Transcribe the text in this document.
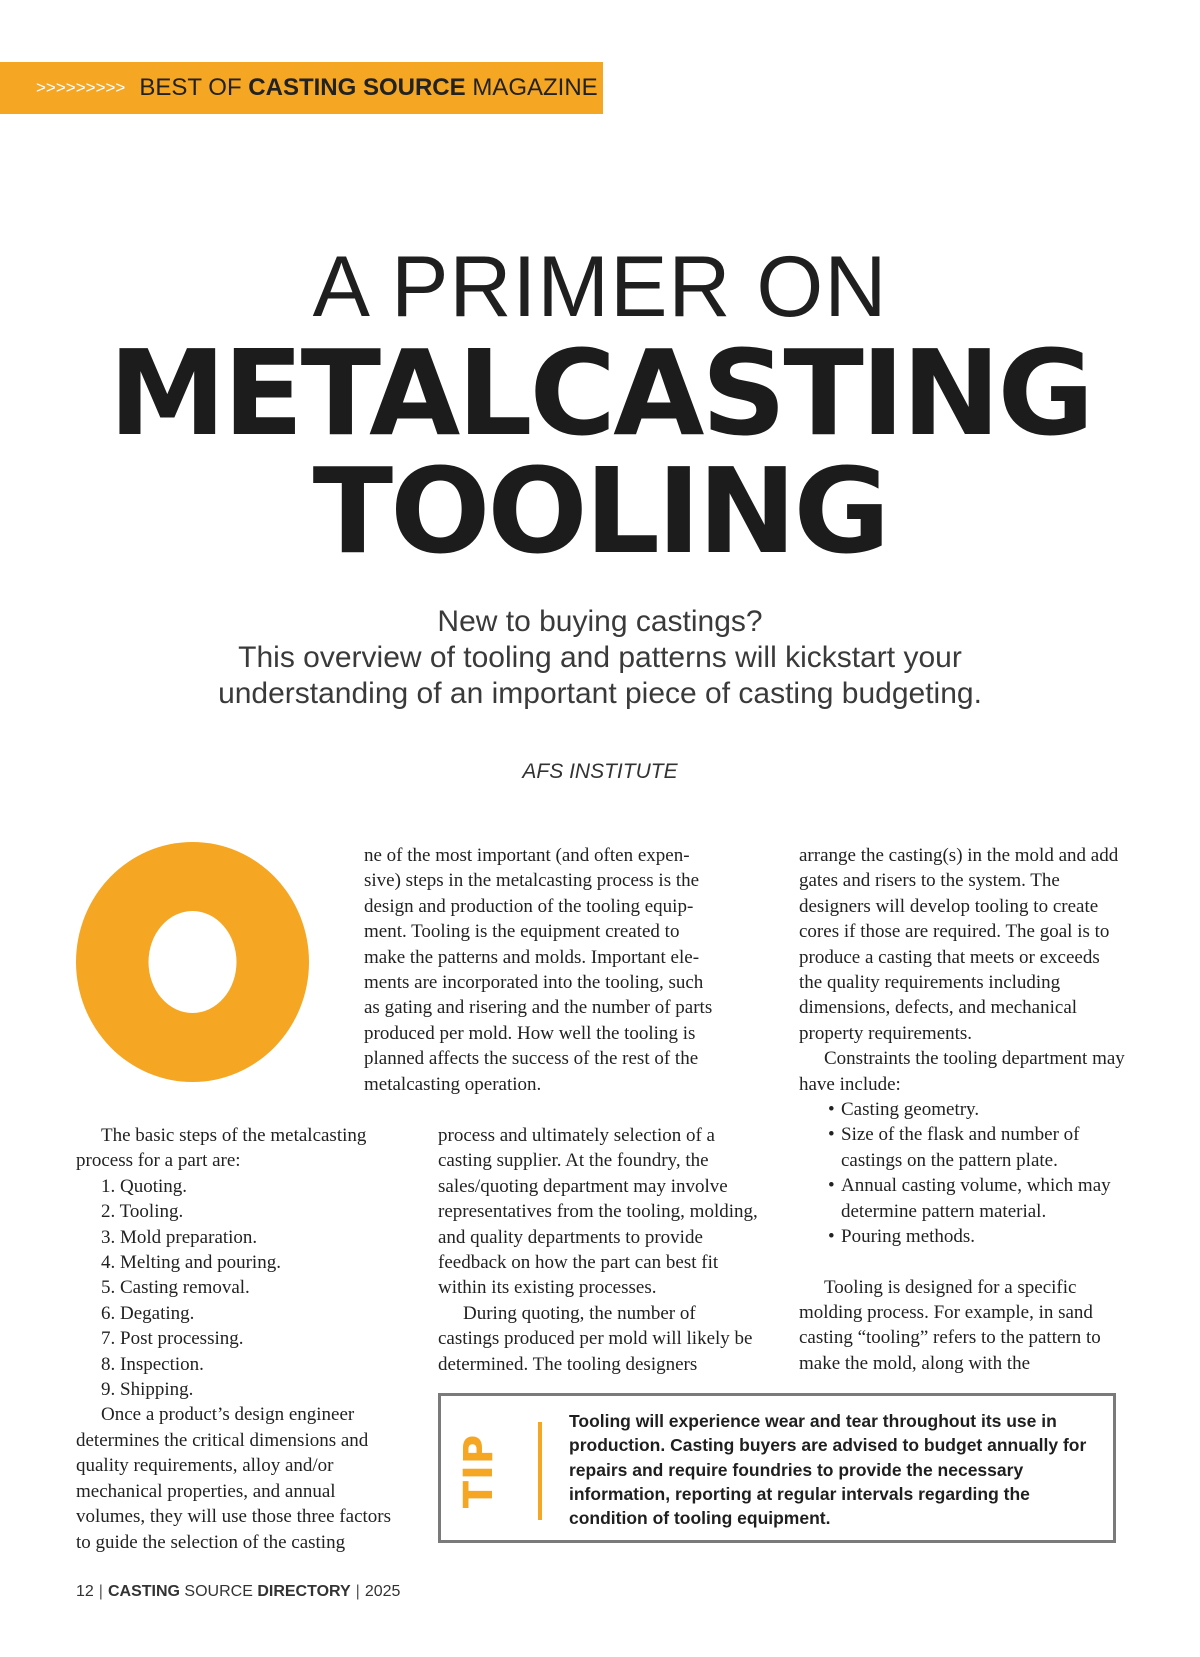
>>>>>>>>> BEST OF
CASTING SOURCE
MAGAZINE
A PRIMER ON
METALCASTING
TOOLING
New to buying castings?
This overview of tooling and patterns will kickstart your
understanding of an important piece of casting budgeting.
AFS INSTITUTE
ne of the most important (and often expen-
sive) steps in the metalcasting process is the
design and production of the tooling equip-
ment. Tooling is the equipment created to
make the patterns and molds. Important ele-
ments are incorporated into the tooling, such
as gating and risering and the number of parts
produced per mold. How well the tooling is
planned affects the success of the rest of the
metalcasting operation.

The basic steps of the metalcasting process for a part are:

1. Quoting.
2. Tooling.
3. Mold preparation.
4. Melting and pouring.
5. Casting removal.
6. Degating.
7. Post processing.
8. Inspection.
9. Shipping.

Once a product’s design engineer determines the critical dimensions and quality requirements, alloy and/or mechanical properties, and annual volumes, they will use those three factors to guide the selection of the casting

process and ultimately selection of a casting supplier. At the foundry, the sales/quoting department may involve representatives from the tooling, molding, and quality departments to provide feedback on how the part can best fit within its existing processes.

During quoting, the number of castings produced per mold will likely be determined. The tooling designers

arrange the casting(s) in the mold and add gates and risers to the system. The designers will develop tooling to create cores if those are required. The goal is to produce a casting that meets or exceeds the quality requirements including dimensions, defects, and mechanical property requirements.

Constraints the tooling department may have include:

• Casting geometry.
• Size of the flask and number of castings on the pattern plate.
• Annual casting volume, which may determine pattern material.
• Pouring methods.

Tooling is designed for a specific molding process. For example, in sand casting “tooling” refers to the pattern to make the mold, along with the

TIP
Tooling will experience wear and tear throughout its use in production. Casting buyers are advised to budget annually for repairs and require foundries to provide the necessary information, reporting at regular intervals regarding the condition of tooling equipment.
12 | CASTING SOURCE DIRECTORY | 2025
